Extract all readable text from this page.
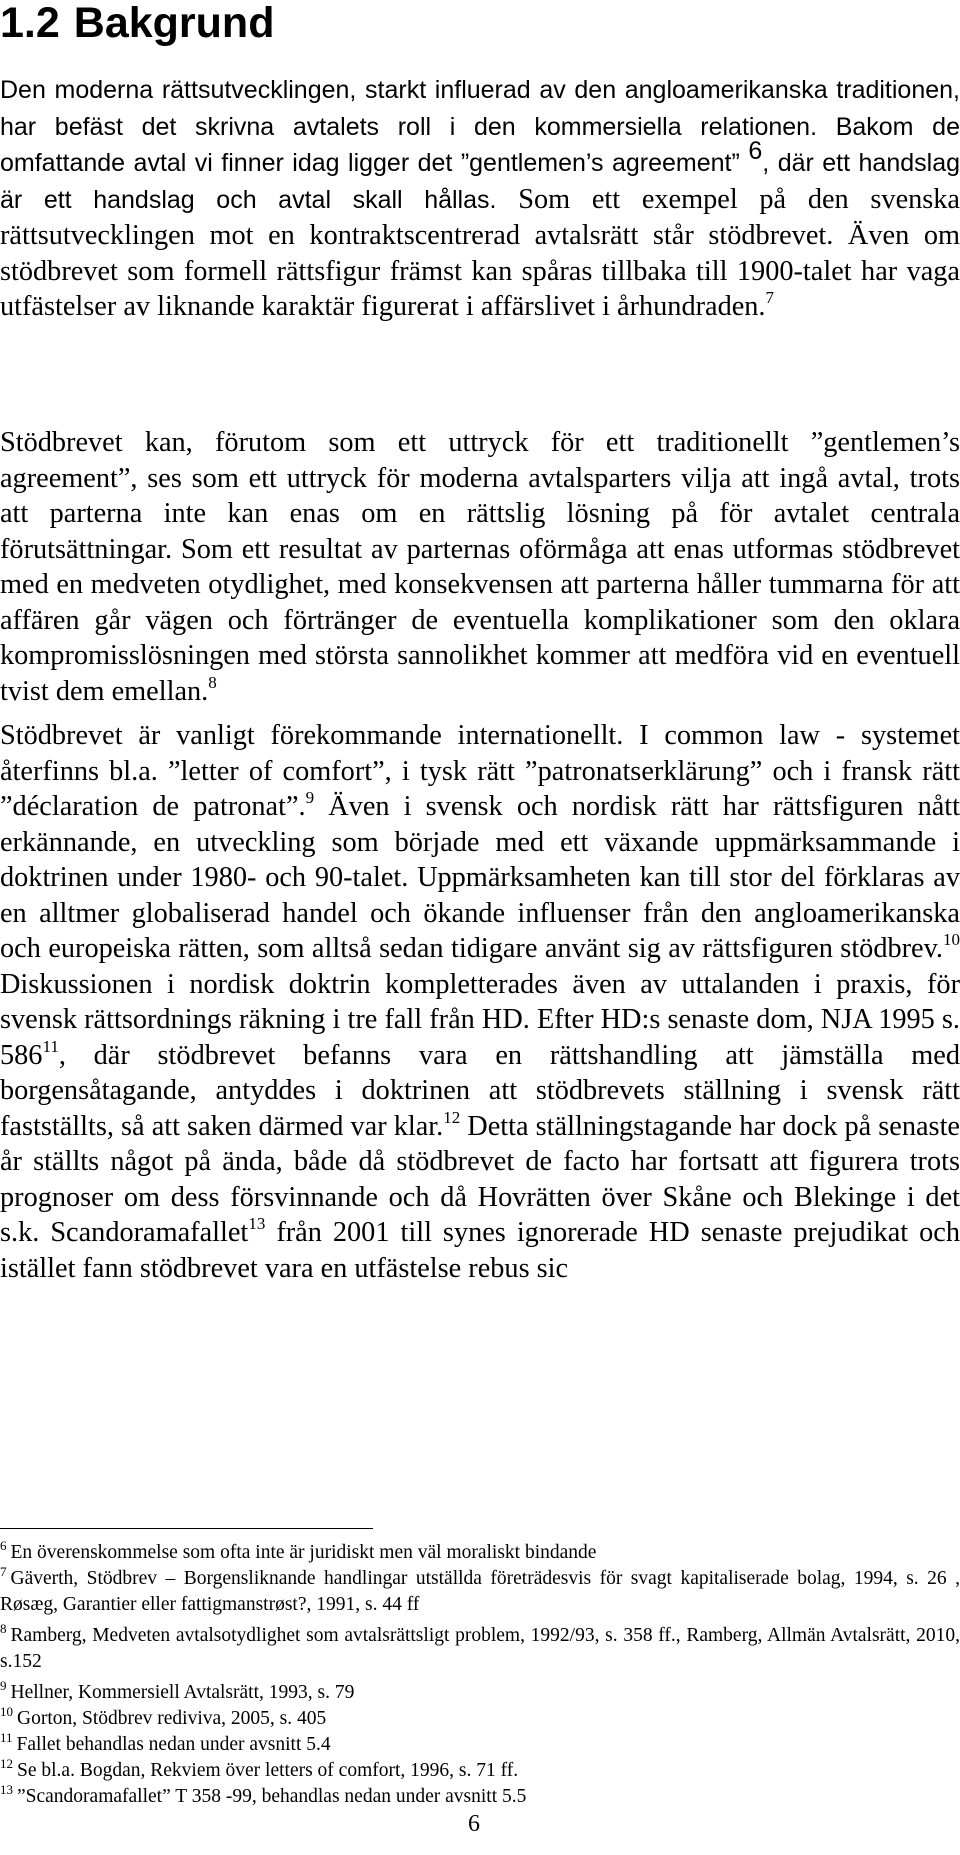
1.2 Bakgrund

Den moderna rättsutvecklingen, starkt influerad av den angloamerikanska traditionen, har befäst det skrivna avtalets roll i den kommersiella relationen. Bakom de omfattande avtal vi finner idag ligger det ”gentlemen’s agreement” $^6$, där ett handslag är ett handslag och avtal skall hållas. Som ett exempel på den svenska rättsutvecklingen mot en kontraktscentrerad avtalsrätt står stödbrevet. Även om stödbrevet som formell rättsfigur främst kan spåras tillbaka till 1900-talet har vaga utfästelser av liknande karaktär figurerat i affärslivet i århundraden.$^7$

Stödbrevet kan, förutom som ett uttryck för ett traditionellt ”gentlemen’s agreement”, ses som ett uttryck för moderna avtalsparters vilja att ingå avtal, trots att parterna inte kan enas om en rättslig lösning på för avtalet centrala förutsättningar. Som ett resultat av parternas oförmåga att enas utformas stödbrevet med en medveten otydlighet, med konsekvensen att parterna håller tummarna för att affären går vägen och förtränger de eventuella komplikationer som den oklara kompromisslösningen med största sannolikhet kommer att medföra vid en eventuell tvist dem emellan.$^8$

Stödbrevet är vanligt förekommande internationellt. I common law - systemet återfinns bl.a. ”letter of comfort”, i tysk rätt ”patronatserklärung” och i fransk rätt ”déclaration de patronat”.$^9$ Även i svensk och nordisk rätt har rättsfiguren nått erkännande, en utveckling som började med ett växande uppmärksammande i doktrinen under 1980- och 90-talet. Uppmärksamheten kan till stor del förklaras av en alltmer globaliserad handel och ökande influenser från den angloamerikanska och europeiska rätten, som alltså sedan tidigare använt sig av rättsfiguren stödbrev.$^{10}$ Diskussionen i nordisk doktrin kompletterades även av uttalanden i praxis, för svensk rättsordnings räkning i tre fall från HD. Efter HD:s senaste dom, NJA 1995 s. $586^{11}$, där stödbrevet befanns vara en rättshandling att jämställa med borgensåtagande, antyddes i doktrinen att stödbrevets ställning i svensk rätt fastställts, så att saken därmed var klar.$^{12}$ Detta ställningstagande har dock på senaste år ställts något på ända, både då stödbrevet de facto har fortsatt att figurera trots prognoser om dess försvinnande och då Hovrätten över Skåne och Blekinge i det s.k. Scandoramafallet$^{13}$ från 2001 till synes ignorerade HD senaste prejudikat och istället fann stödbrevet vara en utfästelse rebus sic

$^6$ En överenskommelse som ofta inte är juridiskt men väl moraliskt bindande
$^7$ Gäverth, Stödbrev – Borgensliknande handlingar utställda företrädesvis för svagt kapitaliserade bolag, 1994, s. 26 , Røsæg, Garantier eller fattigmanstrøst?, 1991, s. 44 ff
$^8$ Ramberg, Medveten avtalsotydlighet som avtalsrättsligt problem, 1992/93, s. 358 ff., Ramberg, Allmän Avtalsrätt, 2010, s.152
$^9$ Hellner, Kommersiell Avtalsrätt, 1993, s. 79
$^{10}$ Gorton, Stödbrev rediviva, 2005, s. 405
$^{11}$ Fallet behandlas nedan under avsnitt 5.4
$^{12}$ Se bl.a. Bogdan, Rekviem över letters of comfort, 1996, s. 71 ff.
$^{13}$ ”Scandoramafallet” T 358 -99, behandlas nedan under avsnitt 5.5
6
